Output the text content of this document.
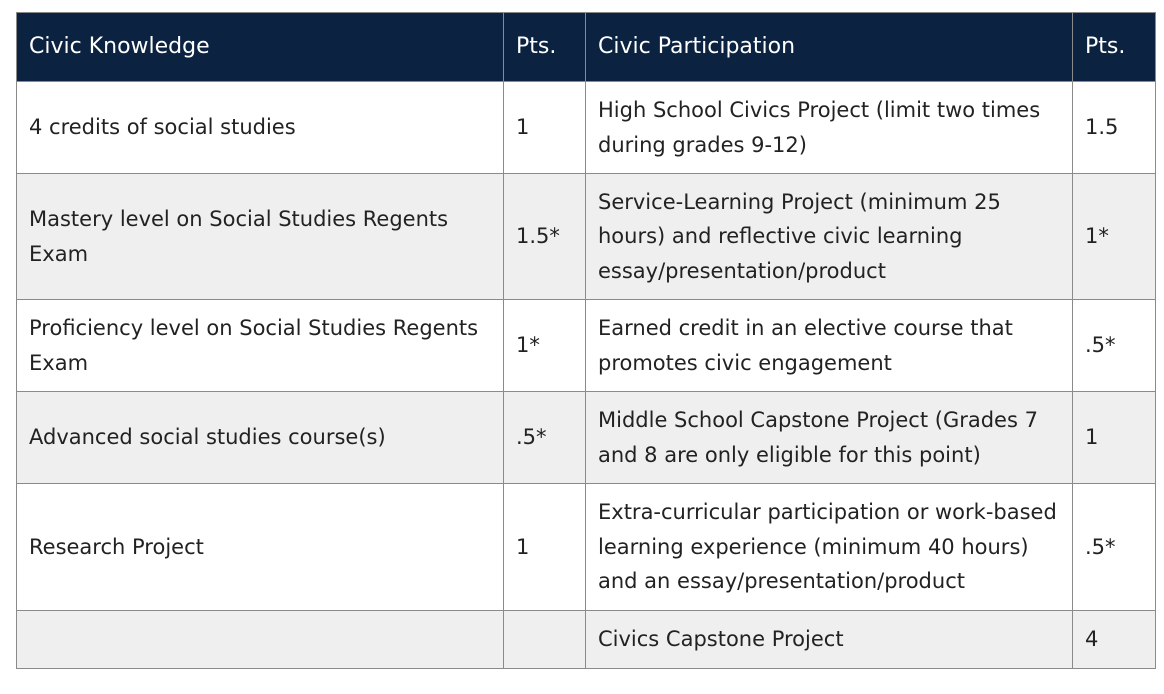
Civic Knowledge	Pts.	Civic Participation	Pts.
4 credits of social studies	1	High School Civics Project (limit two times during grades 9-12)	1.5
Mastery level on Social Studies Regents Exam	1.5*	Service-Learning Project (minimum 25 hours) and reflective civic learning essay/presentation/product	1*
Proficiency level on Social Studies Regents Exam	1*	Earned credit in an elective course that promotes civic engagement	.5*
Advanced social studies course(s)	.5*	Middle School Capstone Project (Grades 7 and 8 are only eligible for this point)	1
Research Project	1	Extra-curricular participation or work-based learning experience (minimum 40 hours) and an essay/presentation/product	.5*
		Civics Capstone Project	4
